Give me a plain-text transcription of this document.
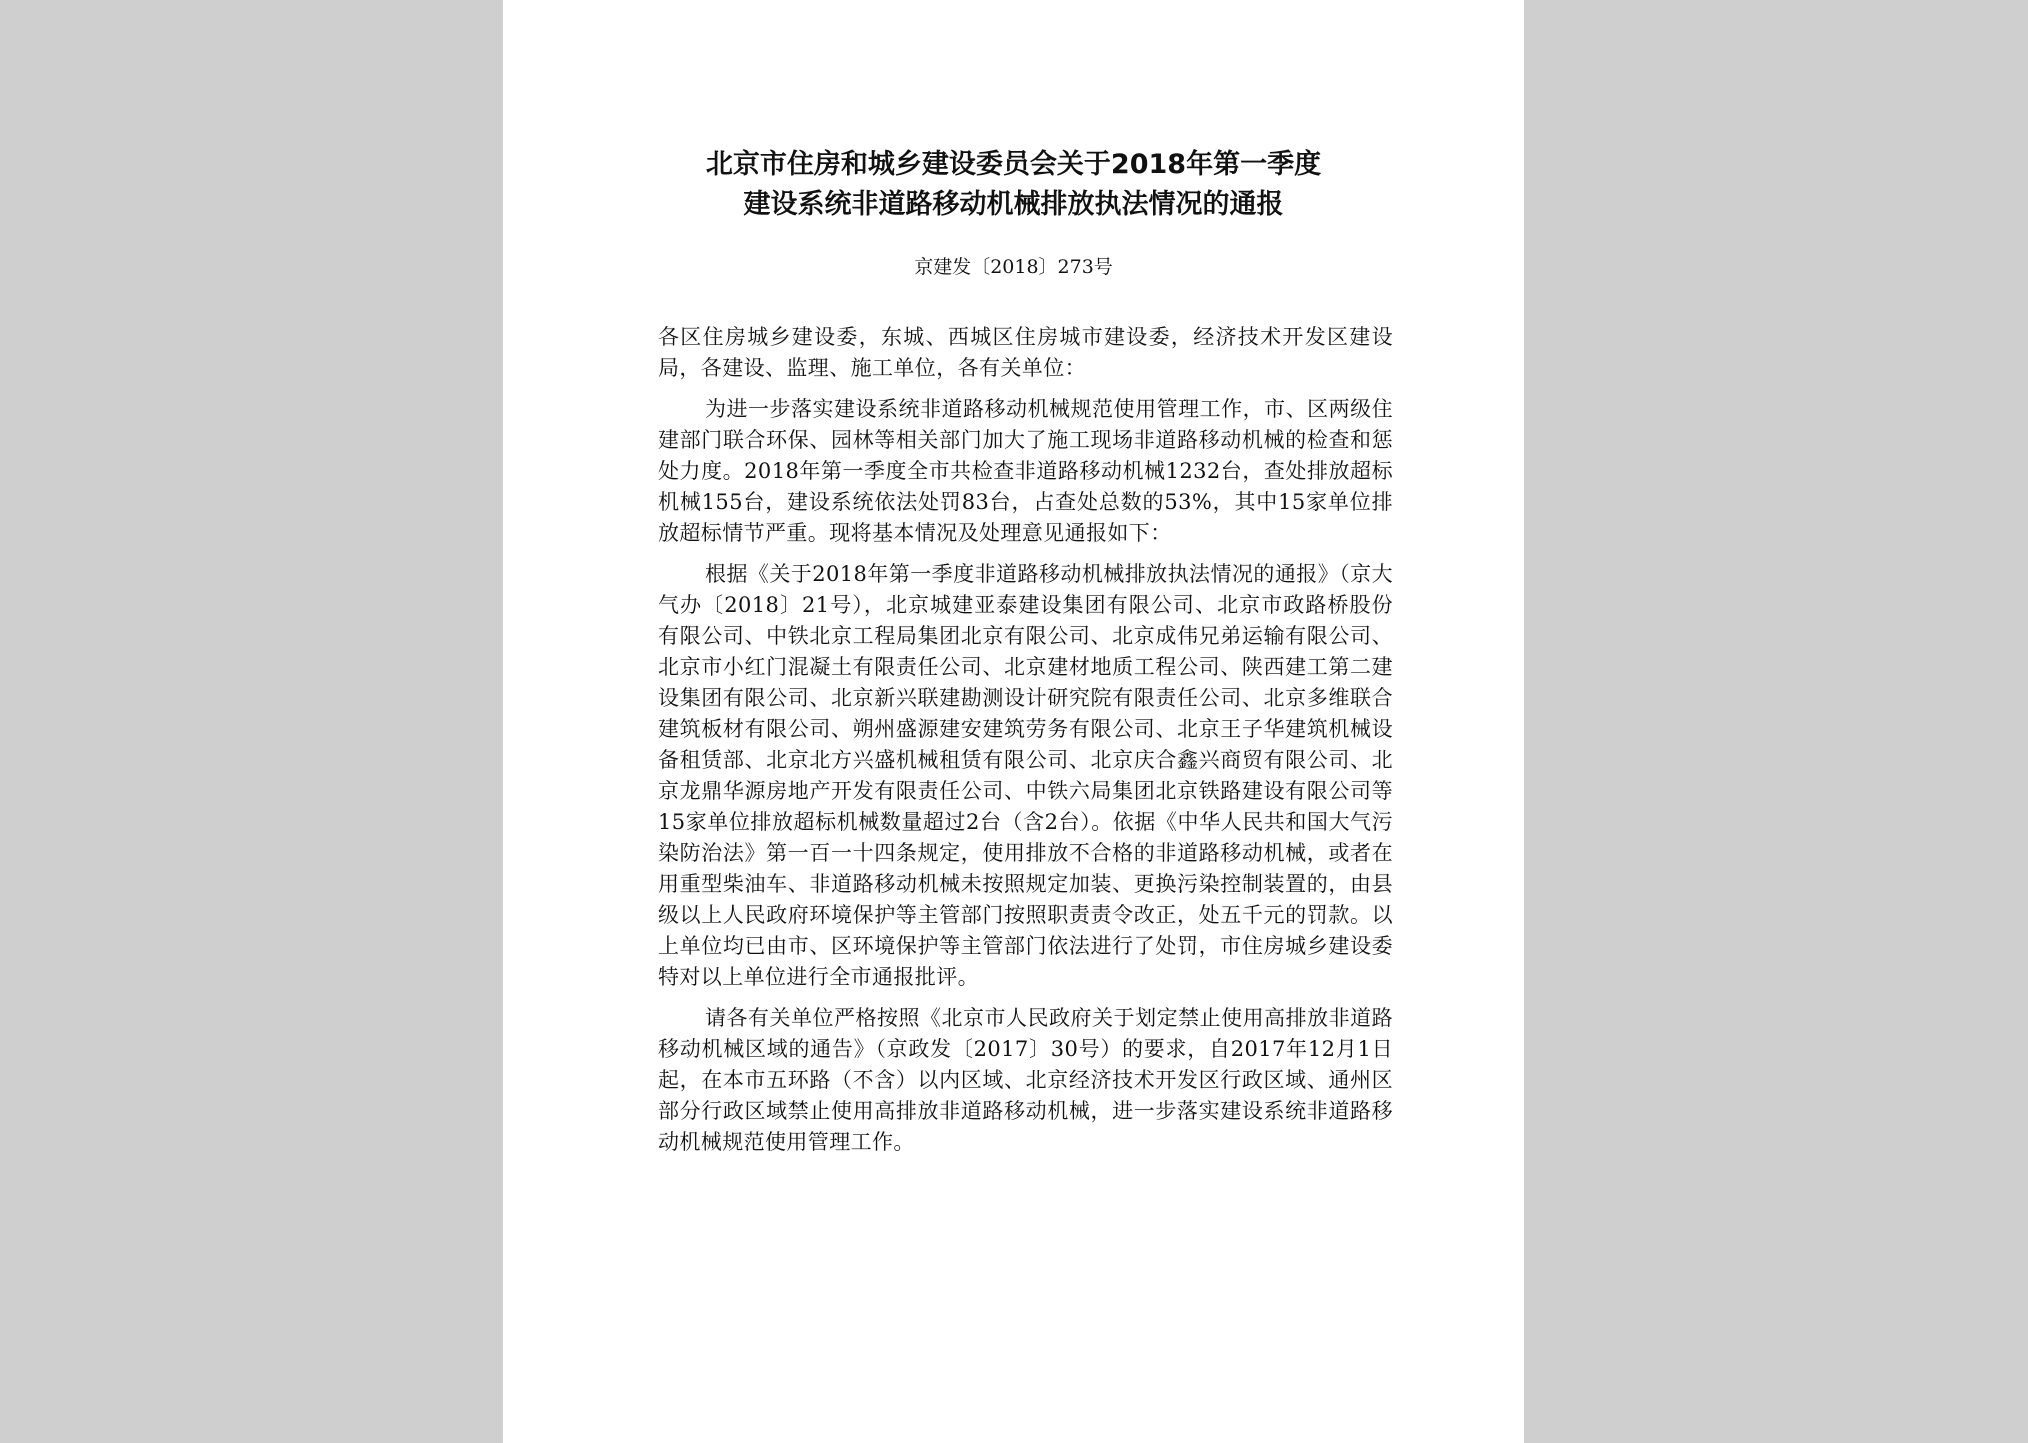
北京市住房和城乡建设委员会关于2018年第一季度
建设系统非道路移动机械排放执法情况的通报
京建发〔2018〕273号

各区住房城乡建设委，东城、西城区住房城市建设委，经济技术开发区建设局，各建设、监理、施工单位，各有关单位：

为进一步落实建设系统非道路移动机械规范使用管理工作，市、区两级住建部门联合环保、园林等相关部门加大了施工现场非道路移动机械的检查和惩处力度。2018年第一季度全市共检查非道路移动机械1232台，查处排放超标机械155台，建设系统依法处罚83台，占查处总数的53%，其中15家单位排放超标情节严重。现将基本情况及处理意见通报如下：

根据《关于2018年第一季度非道路移动机械排放执法情况的通报》（京大气办〔2018〕21号），北京城建亚泰建设集团有限公司、北京市政路桥股份有限公司、中铁北京工程局集团北京有限公司、北京成伟兄弟运输有限公司、北京市小红门混凝土有限责任公司、北京建材地质工程公司、陕西建工第二建设集团有限公司、北京新兴联建勘测设计研究院有限责任公司、北京多维联合建筑板材有限公司、朔州盛源建安建筑劳务有限公司、北京王子华建筑机械设备租赁部、北京北方兴盛机械租赁有限公司、北京庆合鑫兴商贸有限公司、北京龙鼎华源房地产开发有限责任公司、中铁六局集团北京铁路建设有限公司等15家单位排放超标机械数量超过2台（含2台）。依据《中华人民共和国大气污染防治法》第一百一十四条规定，使用排放不合格的非道路移动机械，或者在用重型柴油车、非道路移动机械未按照规定加装、更换污染控制装置的，由县级以上人民政府环境保护等主管部门按照职责责令改正，处五千元的罚款。以上单位均已由市、区环境保护等主管部门依法进行了处罚，市住房城乡建设委特对以上单位进行全市通报批评。

请各有关单位严格按照《北京市人民政府关于划定禁止使用高排放非道路移动机械区域的通告》（京政发〔2017〕30号）的要求，自2017年12月1日起，在本市五环路（不含）以内区域、北京经济技术开发区行政区域、通州区部分行政区域禁止使用高排放非道路移动机械，进一步落实建设系统非道路移动机械规范使用管理工作。
